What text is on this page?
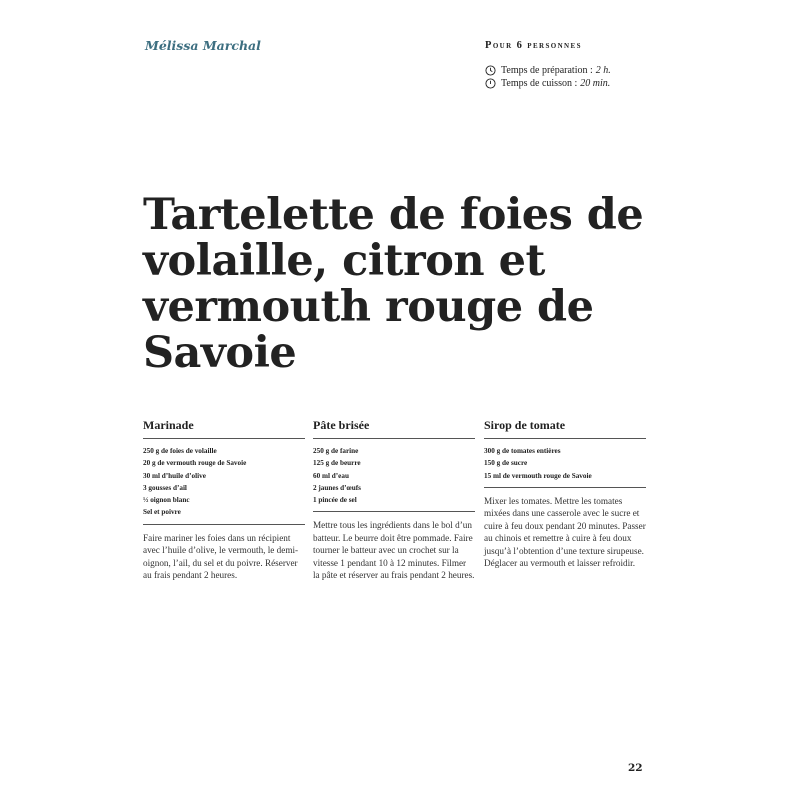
Mélissa Marchal	Pour 6 personnes
Temps de préparation : 2 h.
Temps de cuisson : 20 min.
Tartelette de foies de volaille, citron et vermouth rouge de Savoie
Marinade
250 g de foies de volaille
20 g de vermouth rouge de Savoie
30 ml d’huile d’olive
3 gousses d’ail
½ oignon blanc
Sel et poivre

Faire mariner les foies dans un récipient avec l’huile d’olive, le vermouth, le demi-oignon, l’ail, du sel et du poivre. Réserver au frais pendant 2 heures.

Pâte brisée
250 g de farine
125 g de beurre
60 ml d’eau
2 jaunes d’œufs
1 pincée de sel

Mettre tous les ingrédients dans le bol d’un batteur. Le beurre doit être pommade. Faire tourner le batteur avec un crochet sur la vitesse 1 pendant 10 à 12 minutes. Filmer la pâte et réserver au frais pendant 2 heures.

Sirop de tomate
300 g de tomates entières
150 g de sucre
15 ml de vermouth rouge de Savoie

Mixer les tomates. Mettre les tomates mixées dans une casserole avec le sucre et cuire à feu doux pendant 20 minutes. Passer au chinois et remettre à cuire à feu doux jusqu’à l’obtention d’une texture sirupeuse. Déglacer au vermouth et laisser refroidir.

22
